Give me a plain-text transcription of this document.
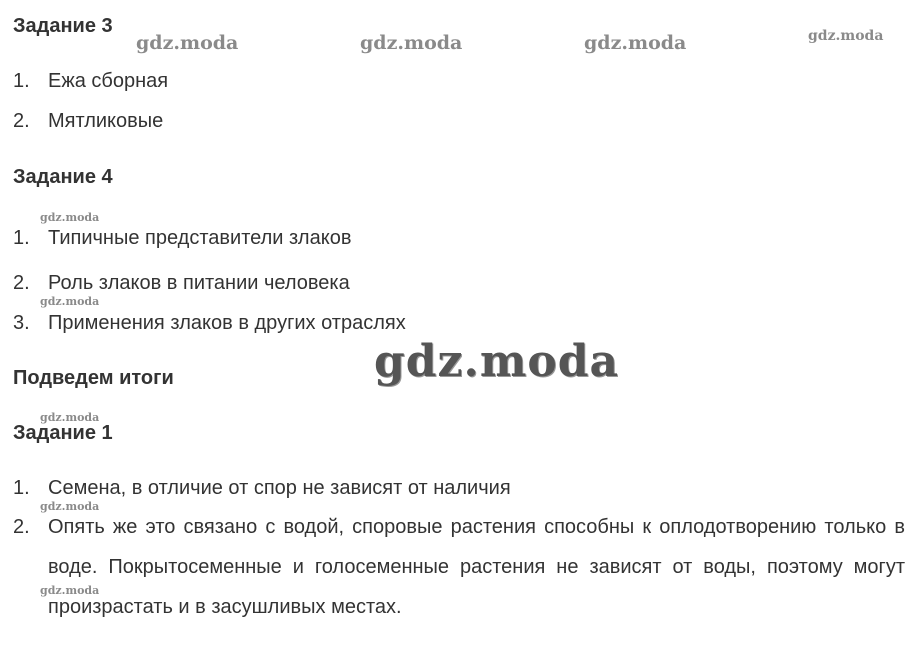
Задание 3
1. Ежа сборная
2. Мятликовые
Задание 4
1. Типичные представители злаков
2. Роль злаков в питании человека
3. Применения злаков в других отраслях
Подведем итоги
Задание 1
1. Семена, в отличие от спор не зависят от наличия
2. Опять же это связано с водой, споровые растения способны к оплодотворению только в воде. Покрытосеменные и голосеменные растения не зависят от воды, поэтому могут произрастать и в засушливых местах.
gdz.moda	gdz.moda	gdz.moda	gdz.moda
gdz.moda
gdz.moda
gdz.moda
gdz.moda
gdz.moda
gdz.moda
